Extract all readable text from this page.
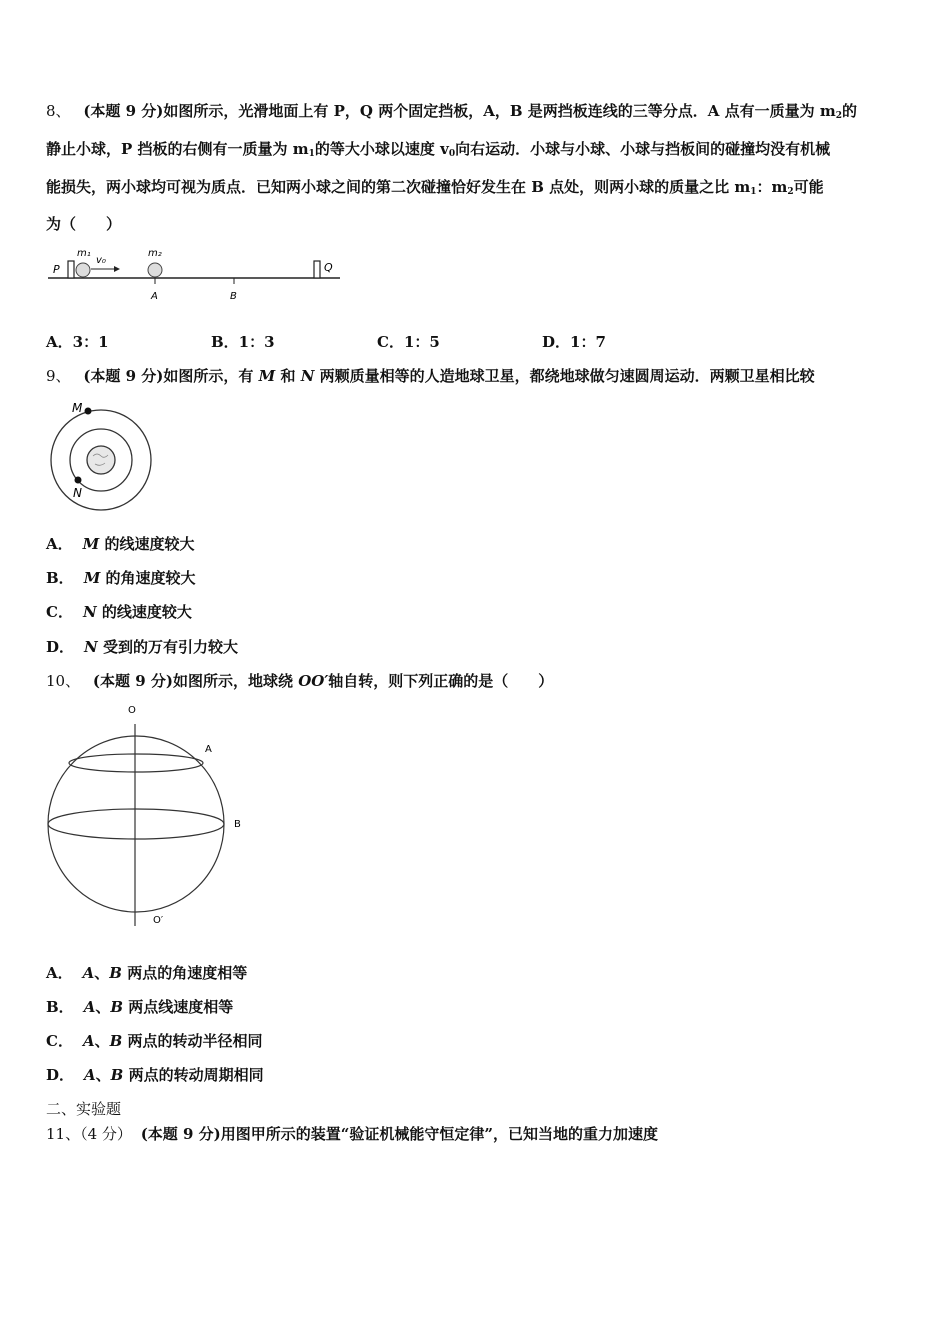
8、 (本题 9 分)如图所示，光滑地面上有 P，Q 两个固定挡板，A，B 是两挡板连线的三等分点．A 点有一质量为 $m_2$的
静止小球，P 挡板的右侧有一质量为 $m_1$的等大小球以速度 $v_0$向右运动．小球与小球、小球与挡板间的碰撞均没有机械
能损失，两小球均可视为质点．已知两小球之间的第二次碰撞恰好发生在 B 点处，则两小球的质量之比 $m_1$：$m_2$可能
为（　　）
P
m₁
v₀
m₂
A	B
Q
A．3：1	B．1：3	C．1：5	D．1：7
9、 (本题 9 分)如图所示，有 M 和 N 两颗质量相等的人造地球卫星，都绕地球做匀速圆周运动．两颗卫星相比较
M
N
A． M 的线速度较大
B． M 的角速度较大
C． N 的线速度较大
D． N 受到的万有引力较大
10、 (本题 9 分)如图所示，地球绕 OO′轴自转，则下列正确的是（　　）
O
A
B
O′
A． A、B 两点的角速度相等
B． A、B 两点线速度相等
C． A、B 两点的转动半径相同
D． A、B 两点的转动周期相同
二、实验题
11、（4 分） (本题 9 分)用图甲所示的装置“验证机械能守恒定律”，已知当地的重力加速度
